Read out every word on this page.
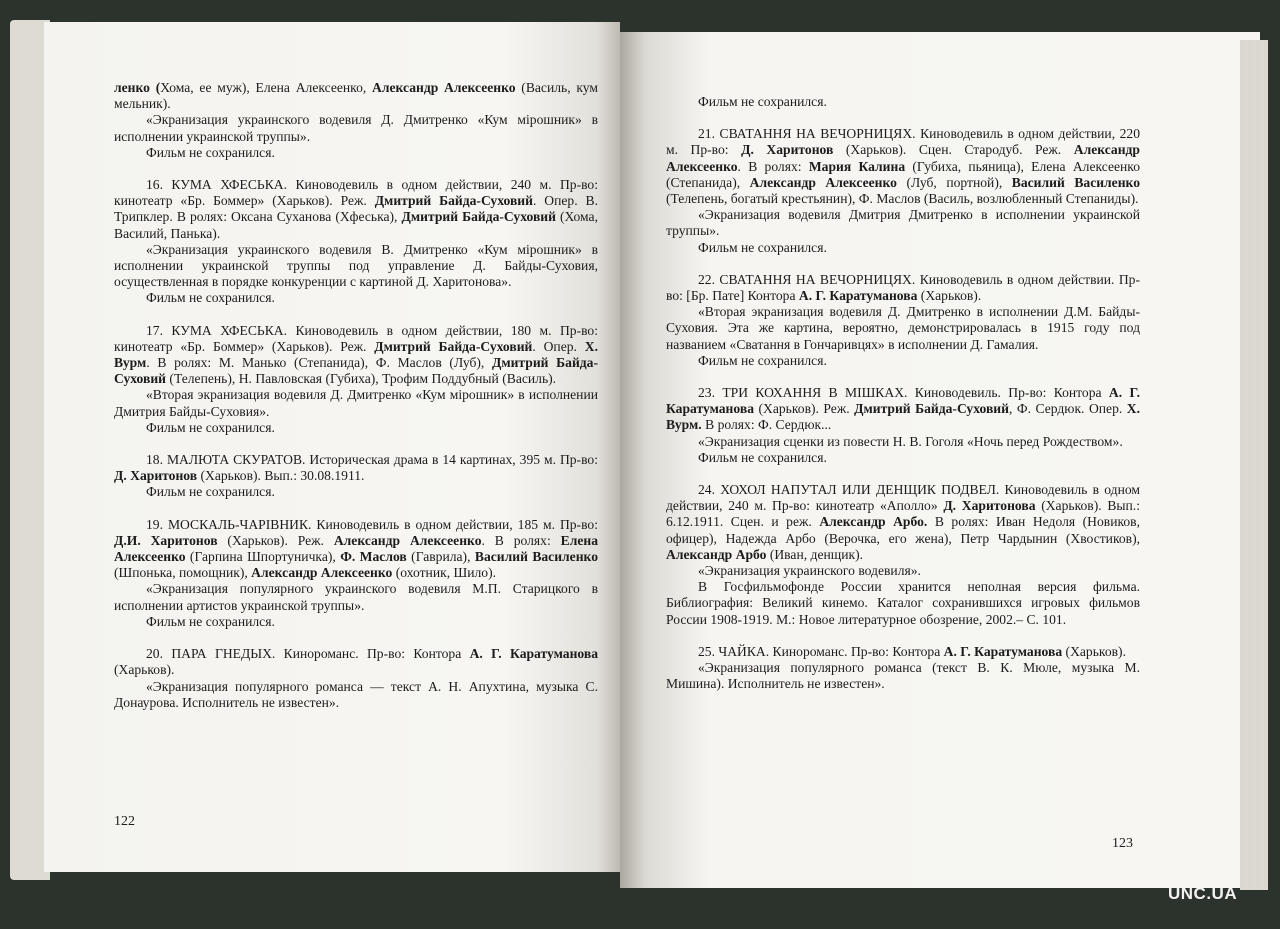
ленко (Хома, ее муж), Елена Алексеенко, Александр Алексеенко (Василь, кум мельник).

«Экранизация украинского водевиля Д. Дмитренко «Кум мірошник» в исполнении украинской труппы».

Фильм не сохранился.

16. КУМА ХФЕСЬКА. Киноводевиль в одном действии, 240 м. Пр-во: кинотеатр «Бр. Боммер» (Харьков). Реж. Дмитрий Байда-Суховий. Опер. В. Трипклер. В ролях: Оксана Суханова (Хфеська), Дмитрий Байда-Суховий (Хома, Василий, Панька).

«Экранизация украинского водевиля В. Дмитренко «Кум мірошник» в исполнении украинской труппы под управление Д. Байды-Суховия, осуществленная в порядке конкуренции с картиной Д. Харитонова».

Фильм не сохранился.

17. КУМА ХФЕСЬКА. Киноводевиль в одном действии, 180 м. Пр-во: кинотеатр «Бр. Боммер» (Харьков). Реж. Дмитрий Байда-Суховий. Опер. Х. Вурм. В ролях: М. Манько (Степанида), Ф. Маслов (Луб), Дмитрий Байда-Суховий (Телепень), Н. Павловская (Губиха), Трофим Поддубный (Василь).

«Вторая экранизация водевиля Д. Дмитренко «Кум мірошник» в исполнении Дмитрия Байды-Суховия».

Фильм не сохранился.

18. МАЛЮТА СКУРАТОВ. Историческая драма в 14 картинах, 395 м. Пр-во: Д. Харитонов (Харьков). Вып.: 30.08.1911.

Фильм не сохранился.

19. МОСКАЛЬ-ЧАРІВНИК. Киноводевиль в одном действии, 185 м. Пр-во: Д.И. Харитонов (Харьков). Реж. Александр Алексеенко. В ролях: Елена Алексеенко (Гарпина Шпортуничка), Ф. Маслов (Гаврила), Василий Василенко (Шпонька, помощник), Александр Алексеенко (охотник, Шило).

«Экранизация популярного украинского водевиля М.П. Старицкого в исполнении артистов украинской труппы».

Фильм не сохранился.

20. ПАРА ГНЕДЫХ. Кинороманс. Пр-во: Контора А. Г. Каратуманова (Харьков).

«Экранизация популярного романса — текст А. Н. Апухтина, музыка С. Донаурова. Исполнитель не известен».

Фильм не сохранился.

21. СВАТАННЯ НА ВЕЧОРНИЦЯХ. Киноводевиль в одном действии, 220 м. Пр-во: Д. Харитонов (Харьков). Сцен. Стародуб. Реж. Александр Алексеенко. В ролях: Мария Калина (Губиха, пьяница), Елена Алексеенко (Степанида), Александр Алексеенко (Луб, портной), Василий Василенко (Телепень, богатый крестьянин), Ф. Маслов (Василь, возлюбленный Степаниды).

«Экранизация водевиля Дмитрия Дмитренко в исполнении украинской труппы».

Фильм не сохранился.

22. СВАТАННЯ НА ВЕЧОРНИЦЯХ. Киноводевиль в одном действии. Пр-во: [Бр. Пате] Контора А. Г. Каратуманова (Харьков).

«Вторая экранизация водевиля Д. Дмитренко в исполнении Д.М. Байды-Суховия. Эта же картина, вероятно, демонстрировалась в 1915 году под названием «Сватання в Гончаривцях» в исполнении Д. Гамалия.

Фильм не сохранился.

23. ТРИ КОХАННЯ В МІШКАХ. Киноводевиль. Пр-во: Контора А. Г. Каратуманова (Харьков). Реж. Дмитрий Байда-Суховий, Ф. Сердюк. Опер. Х. Вурм. В ролях: Ф. Сердюк...

«Экранизация сценки из повести Н. В. Гоголя «Ночь перед Рождеством».

Фильм не сохранился.

24. ХОХОЛ НАПУТАЛ ИЛИ ДЕНЩИК ПОДВЕЛ. Киноводевиль в одном действии, 240 м. Пр-во: кинотеатр «Аполло» Д. Харитонова (Харьков). Вып.: 6.12.1911. Сцен. и реж. Александр Арбо. В ролях: Иван Недоля (Новиков, офицер), Надежда Арбо (Верочка, его жена), Петр Чардынин (Хвостиков), Александр Арбо (Иван, денщик).

«Экранизация украинского водевиля».

В Госфильмофонде России хранится неполная версия фильма. Библиография: Великий кинемо. Каталог сохранившихся игровых фильмов России 1908-1919. М.: Новое литературное обозрение, 2002.– С. 101.

25. ЧАЙКА. Кинороманс. Пр-во: Контора А. Г. Каратуманова (Харьков).

«Экранизация популярного романса (текст В. К. Мюле, музыка М. Мишина). Исполнитель не известен».

122
123
UNC.UA
